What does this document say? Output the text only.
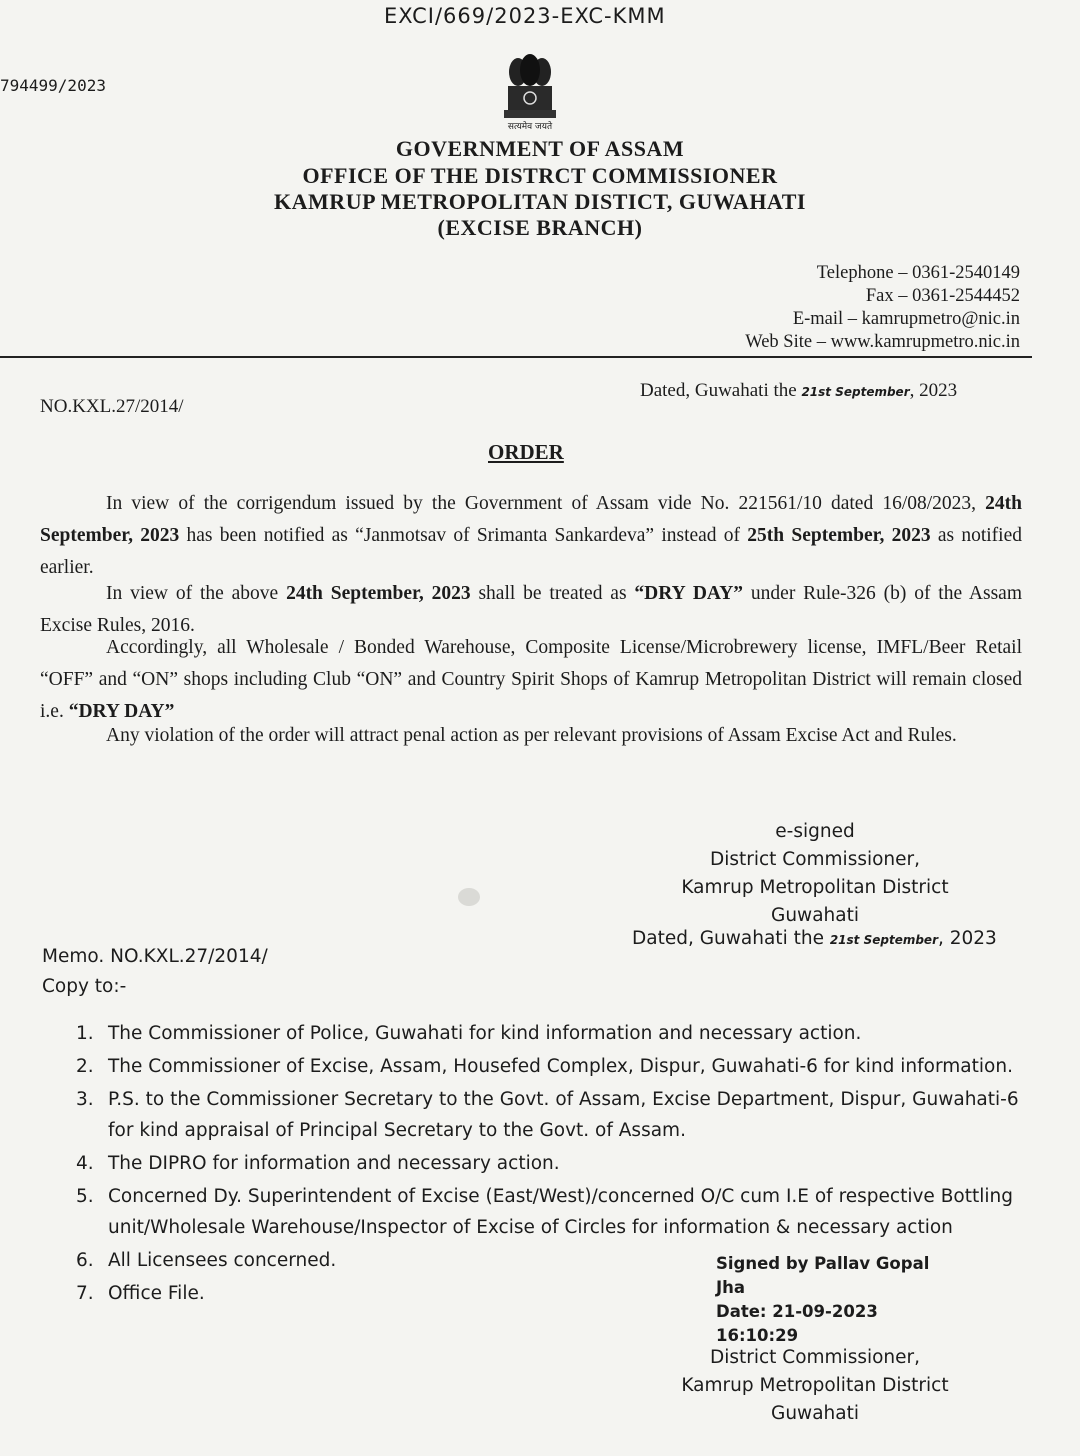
EXCI/669/2023-EXC-KMM
794499/2023
सत्यमेव जयते
GOVERNMENT OF ASSAM
OFFICE OF THE DISTRCT COMMISSIONER
KAMRUP METROPOLITAN DISTICT, GUWAHATI
(EXCISE BRANCH)
Telephone – 0361-2540149
Fax – 0361-2544452
E-mail – kamrupmetro@nic.in
Web Site – www.kamrupmetro.nic.in
NO.KXL.27/2014/
Dated, Guwahati the 21st September, 2023
ORDER
In view of the corrigendum issued by the Government of Assam vide No. 221561/10 dated 16/08/2023, 24th September, 2023 has been notified as “Janmotsav of Srimanta Sankardeva” instead of 25th September, 2023 as notified earlier.
In view of the above 24th September, 2023 shall be treated as “DRY DAY” under Rule-326 (b) of the Assam Excise Rules, 2016.
Accordingly, all Wholesale / Bonded Warehouse, Composite License/Microbrewery license, IMFL/Beer Retail “OFF” and “ON” shops including Club “ON” and Country Spirit Shops of Kamrup Metropolitan District will remain closed i.e. “DRY DAY”
Any violation of the order will attract penal action as per relevant provisions of Assam Excise Act and Rules.
e-signed
District Commissioner,
Kamrup Metropolitan District
Guwahati
Dated, Guwahati the 21st September, 2023
Memo. NO.KXL.27/2014/
Copy to:-
1. The Commissioner of Police, Guwahati for kind information and necessary action.
2. The Commissioner of Excise, Assam, Housefed Complex, Dispur, Guwahati-6 for kind information.
3. P.S. to the Commissioner Secretary to the Govt. of Assam, Excise Department, Dispur, Guwahati-6 for kind appraisal of Principal Secretary to the Govt. of Assam.
4. The DIPRO for information and necessary action.
5. Concerned Dy. Superintendent of Excise (East/West)/concerned O/C cum I.E of respective Bottling unit/Wholesale Warehouse/Inspector of Excise of Circles for information & necessary action
6. All Licensees concerned.
7. Office File.
Signed by Pallav Gopal
Jha
Date: 21-09-2023 16:10:29
District Commissioner,
Kamrup Metropolitan District
Guwahati
